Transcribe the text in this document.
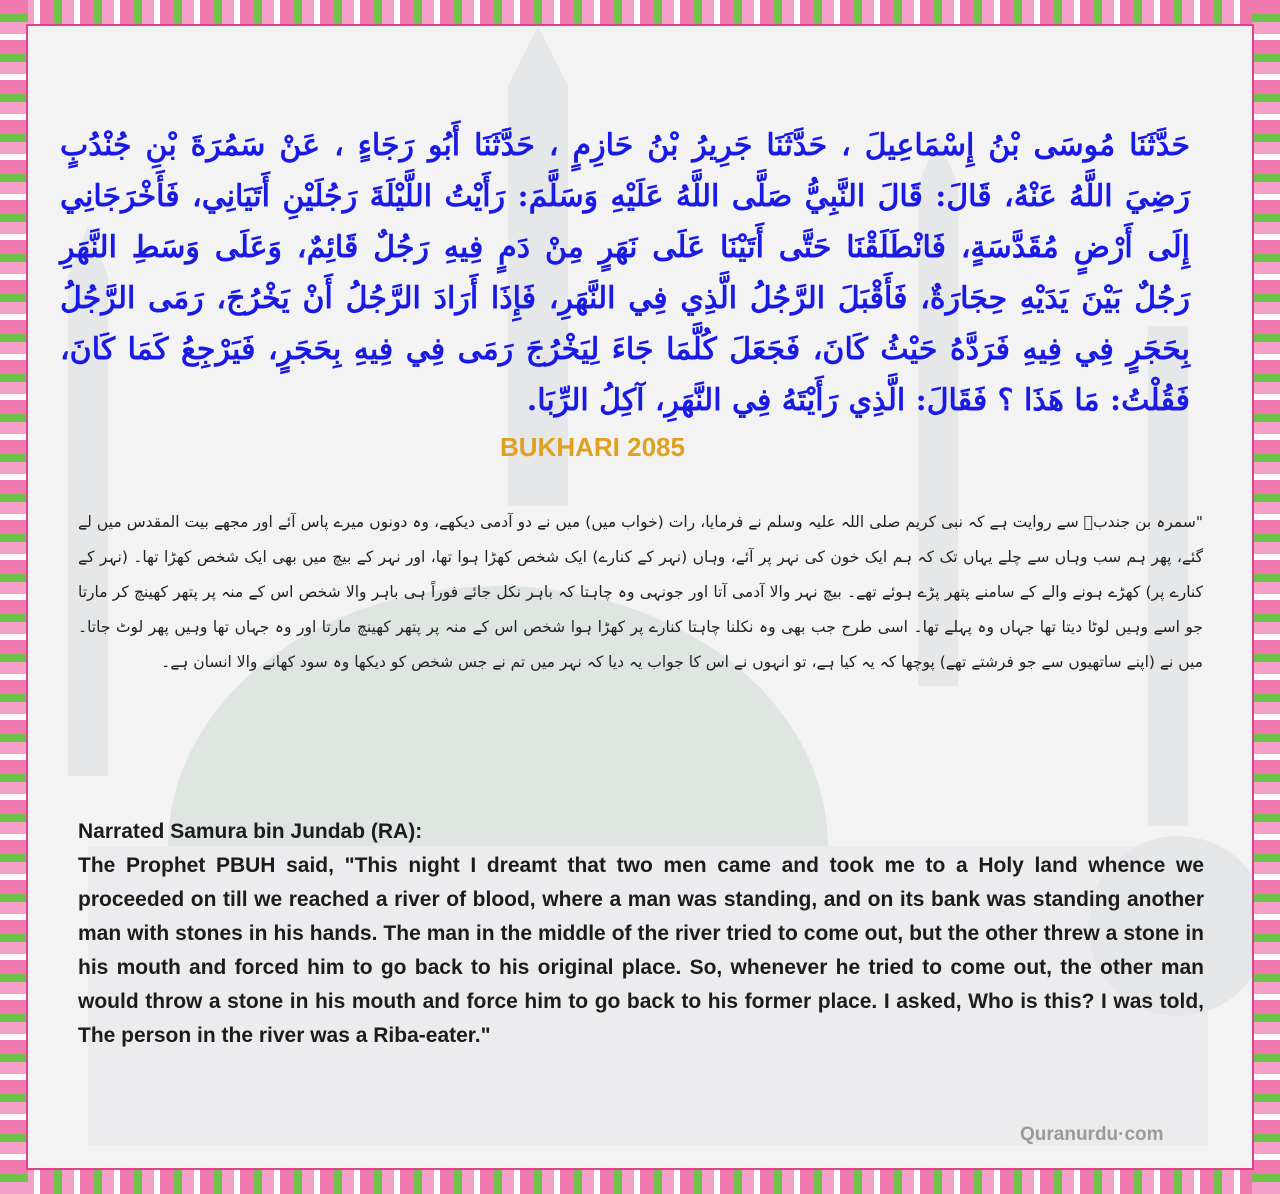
حَدَّثَنَا مُوسَى بْنُ إِسْمَاعِيلَ ، حَدَّثَنَا جَرِيرُ بْنُ حَازِمٍ ، حَدَّثَنَا أَبُو رَجَاءٍ ، عَنْ سَمُرَةَ بْنِ جُنْدُبٍ رَضِيَ اللَّهُ عَنْهُ، قَالَ: قَالَ النَّبِيُّ صَلَّى اللَّهُ عَلَيْهِ وَسَلَّمَ: رَأَيْتُ اللَّيْلَةَ رَجُلَيْنِ أَتَيَانِي، فَأَخْرَجَانِي إِلَى أَرْضٍ مُقَدَّسَةٍ، فَانْطَلَقْنَا حَتَّى أَتَيْنَا عَلَى نَهَرٍ مِنْ دَمٍ فِيهِ رَجُلٌ قَائِمٌ، وَعَلَى وَسَطِ النَّهَرِ رَجُلٌ بَيْنَ يَدَيْهِ حِجَارَةٌ، فَأَقْبَلَ الرَّجُلُ الَّذِي فِي النَّهَرِ، فَإِذَا أَرَادَ الرَّجُلُ أَنْ يَخْرُجَ، رَمَى الرَّجُلُ بِحَجَرٍ فِي فِيهِ فَرَدَّهُ حَيْثُ كَانَ، فَجَعَلَ كُلَّمَا جَاءَ لِيَخْرُجَ رَمَى فِي فِيهِ بِحَجَرٍ، فَيَرْجِعُ كَمَا كَانَ، فَقُلْتُ: مَا هَذَا ؟ فَقَالَ: الَّذِي رَأَيْتَهُ فِي النَّهَرِ، آكِلُ الرِّبَا.

BUKHARI 2085
"سمرہ بن جندبؓ سے روایت ہے کہ نبی کریم صلی اللہ علیہ وسلم نے فرمایا، رات (خواب میں) میں نے دو آدمی دیکھے، وہ دونوں میرے پاس آئے اور مجھے بیت المقدس میں لے گئے، پھر ہم سب وہاں سے چلے یہاں تک کہ ہم ایک خون کی نہر پر آئے، وہاں (نہر کے کنارے) ایک شخص کھڑا ہوا تھا، اور نہر کے بیچ میں بھی ایک شخص کھڑا تھا۔ (نہر کے کنارے پر) کھڑے ہونے والے کے سامنے پتھر پڑے ہوئے تھے۔ بیچ نہر والا آدمی آتا اور جونہی وہ چاہتا کہ باہر نکل جائے فوراً ہی باہر والا شخص اس کے منہ پر پتھر کھینچ کر مارتا جو اسے وہیں لوٹا دیتا تھا جہاں وہ پہلے تھا۔ اسی طرح جب بھی وہ نکلنا چاہتا کنارے پر کھڑا ہوا شخص اس کے منہ پر پتھر کھینچ مارتا اور وہ جہاں تھا وہیں پھر لوٹ جاتا۔ میں نے (اپنے ساتھیوں سے جو فرشتے تھے) پوچھا کہ یہ کیا ہے، تو انہوں نے اس کا جواب یہ دیا کہ نہر میں تم نے جس شخص کو دیکھا وہ سود کھانے والا انسان ہے۔
Narrated Samura bin Jundab (RA):
The Prophet PBUH said, "This night I dreamt that two men came and took me to a Holy land whence we proceeded on till we reached a river of blood, where a man was standing, and on its bank was standing another man with stones in his hands. The man in the middle of the river tried to come out, but the other threw a stone in his mouth and forced him to go back to his original place. So, whenever he tried to come out, the other man would throw a stone in his mouth and force him to go back to his former place. I asked, Who is this? I was told, The person in the river was a Riba-eater."
Quranurdu·com
